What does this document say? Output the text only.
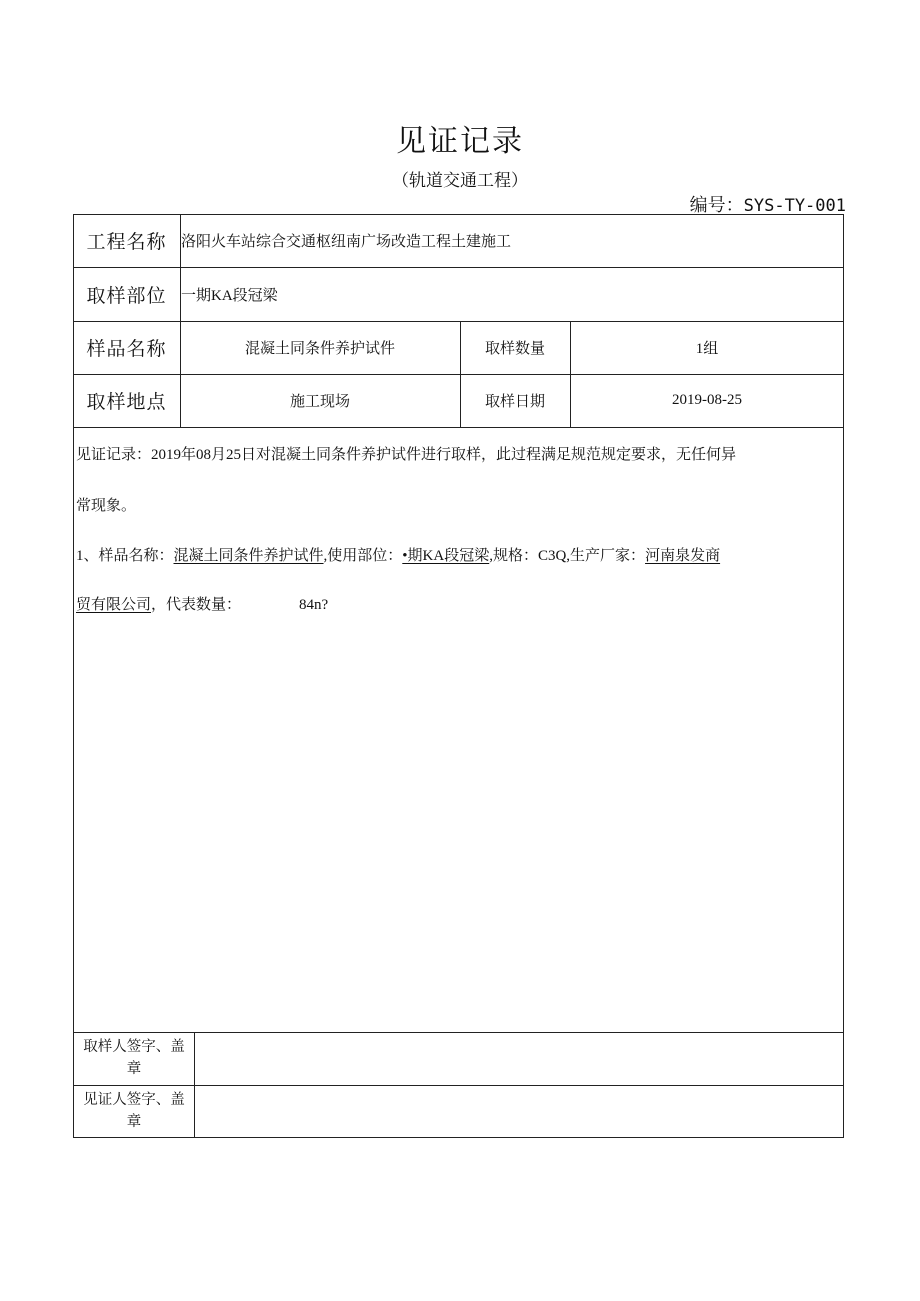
见证记录
（轨道交通工程）
编号：SYS-TY-001
工程名称 洛阳火车站综合交通枢纽南广场改造工程土建施工
取样部位 一期KA段冠梁
样品名称	混凝土同条件养护试件	取样数量	1组
取样地点	施工现场	取样日期	2019-08-25
见证记录：2019年08月25日对混凝土同条件养护试件进行取样，此过程满足规范规定要求，无任何异
常现象。
1、样品名称：混凝土同条件养护试件,使用部位：•期KA段冠梁,规格：C3Q,生产厂家：河南泉发商
贸有限公司，代表数量：	84n?
取样人签字、盖
章
见证人签字、盖
章
